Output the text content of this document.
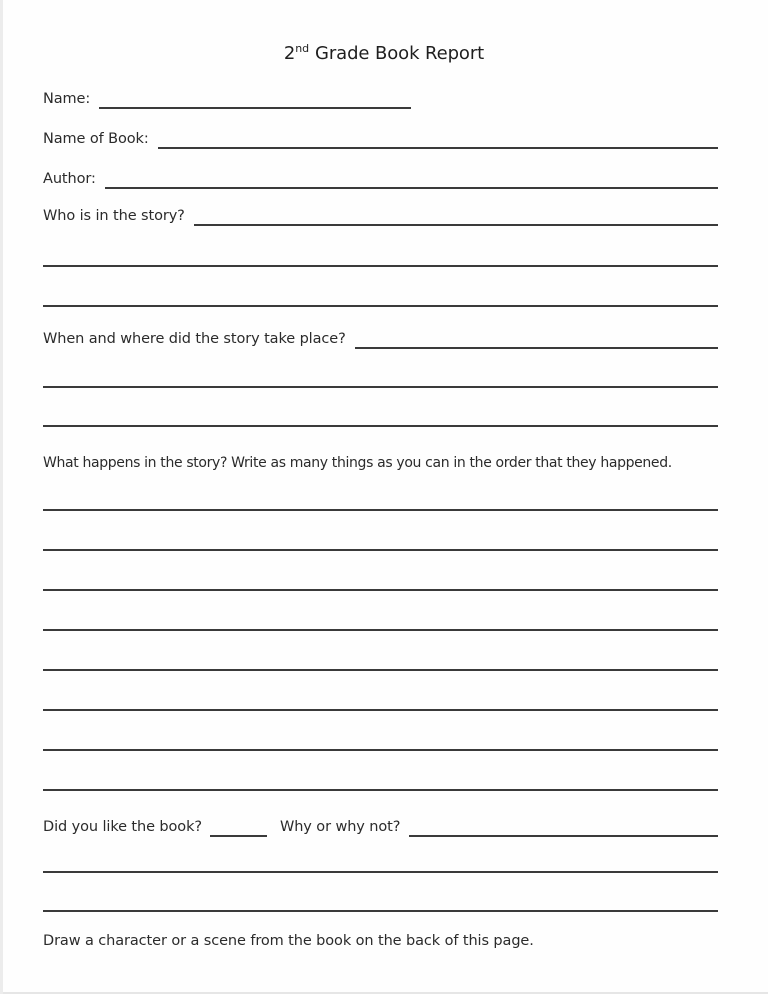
2nd Grade Book Report
Name:
Name of Book:
Author:
Who is in the story?
When and where did the story take place?
What happens in the story? Write as many things as you can in the order that they happened.
Did you like the book?	Why or why not?
Draw a character or a scene from the book on the back of this page.
